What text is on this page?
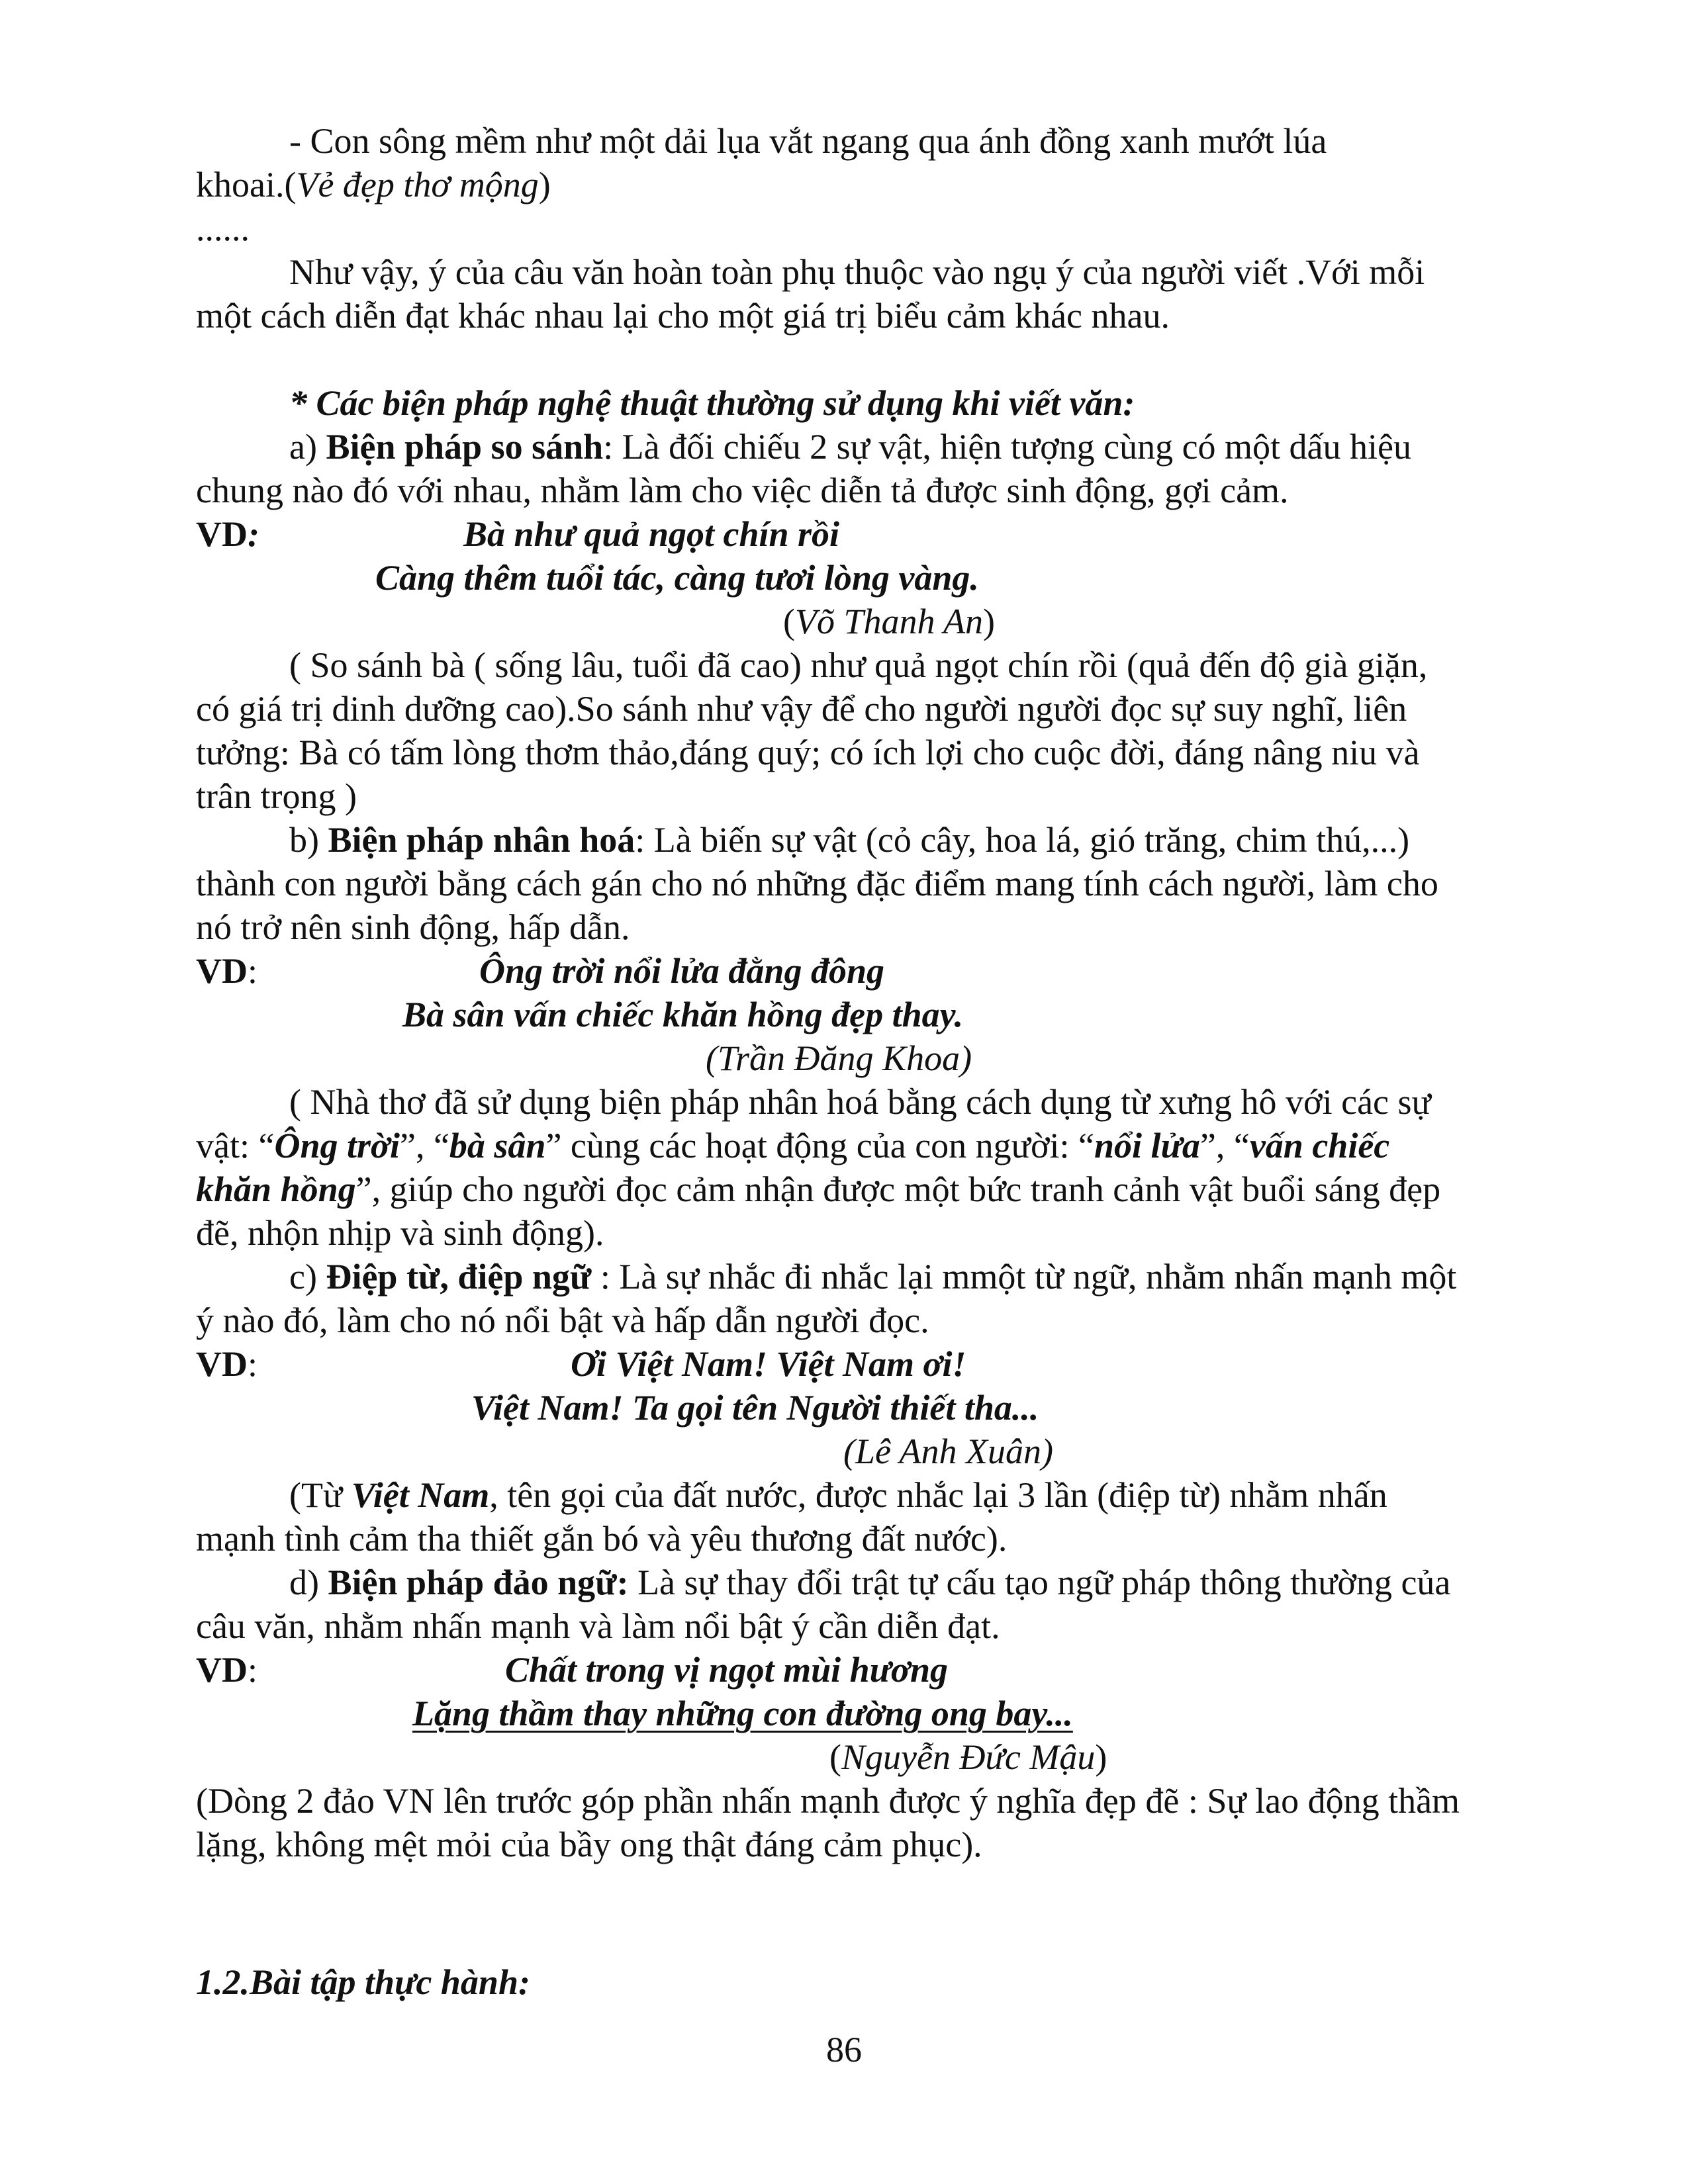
- Con sông mềm như một dải lụa vắt ngang qua ánh đồng xanh mướt lúa
khoai.(Vẻ đẹp thơ mộng)
......
Như vậy, ý của câu văn hoàn toàn phụ thuộc vào ngụ ý của người viết .Với mỗi
một cách diễn đạt khác nhau lại cho một giá trị biểu cảm khác nhau.
* Các biện pháp nghệ thuật thường sử dụng khi viết văn:
a) Biện pháp so sánh: Là đối chiếu 2 sự vật, hiện tượng cùng có một dấu hiệu
chung nào đó với nhau, nhằm làm cho việc diễn tả được sinh động, gợi cảm.
VD:	Bà như quả ngọt chín rồi
Càng thêm tuổi tác, càng tươi lòng vàng.
(Võ Thanh An)
( So sánh bà ( sống lâu, tuổi đã cao) như quả ngọt chín rồi (quả đến độ già giặn,
có giá trị dinh dưỡng cao).So sánh như vậy để cho người người đọc sự suy nghĩ, liên
tưởng: Bà có tấm lòng thơm thảo,đáng quý; có ích lợi cho cuộc đời, đáng nâng niu và
trân trọng )
b) Biện pháp nhân hoá: Là biến sự vật (cỏ cây, hoa lá, gió trăng, chim thú,...)
thành con người bằng cách gán cho nó những đặc điểm mang tính cách người, làm cho
nó trở nên sinh động, hấp dẫn.
VD:	Ông trời nổi lửa đằng đông
Bà sân vấn chiếc khăn hồng đẹp thay.
(Trần Đăng Khoa)
( Nhà thơ đã sử dụng biện pháp nhân hoá bằng cách dụng từ xưng hô với các sự
vật: “Ông trời”, “bà sân” cùng các hoạt động của con người: “nổi lửa”, “vấn chiếc
khăn hồng”, giúp cho người đọc cảm nhận được một bức tranh cảnh vật buổi sáng đẹp
đẽ, nhộn nhịp và sinh động).
c) Điệp từ, điệp ngữ : Là sự nhắc đi nhắc lại mmột từ ngữ, nhằm nhấn mạnh một
ý nào đó, làm cho nó nổi bật và hấp dẫn người đọc.
VD:	Ơi Việt Nam! Việt Nam ơi!
Việt Nam! Ta gọi tên Người thiết tha...
(Lê Anh Xuân)
(Từ Việt Nam, tên gọi của đất nước, được nhắc lại 3 lần (điệp từ) nhằm nhấn
mạnh tình cảm tha thiết gắn bó và yêu thương đất nước).
d) Biện pháp đảo ngữ: Là sự thay đổi trật tự cấu tạo ngữ pháp thông thường của
câu văn, nhằm nhấn mạnh và làm nổi bật ý cần diễn đạt.
VD:	Chất trong vị ngọt mùi hương
Lặng thầm thay những con đường ong bay...
(Nguyễn Đức Mậu)
(Dòng 2 đảo VN lên trước góp phần nhấn mạnh được ý nghĩa đẹp đẽ : Sự lao động thầm
lặng, không mệt mỏi của bầy ong thật đáng cảm phục).
1.2.Bài tập thực hành:
86
